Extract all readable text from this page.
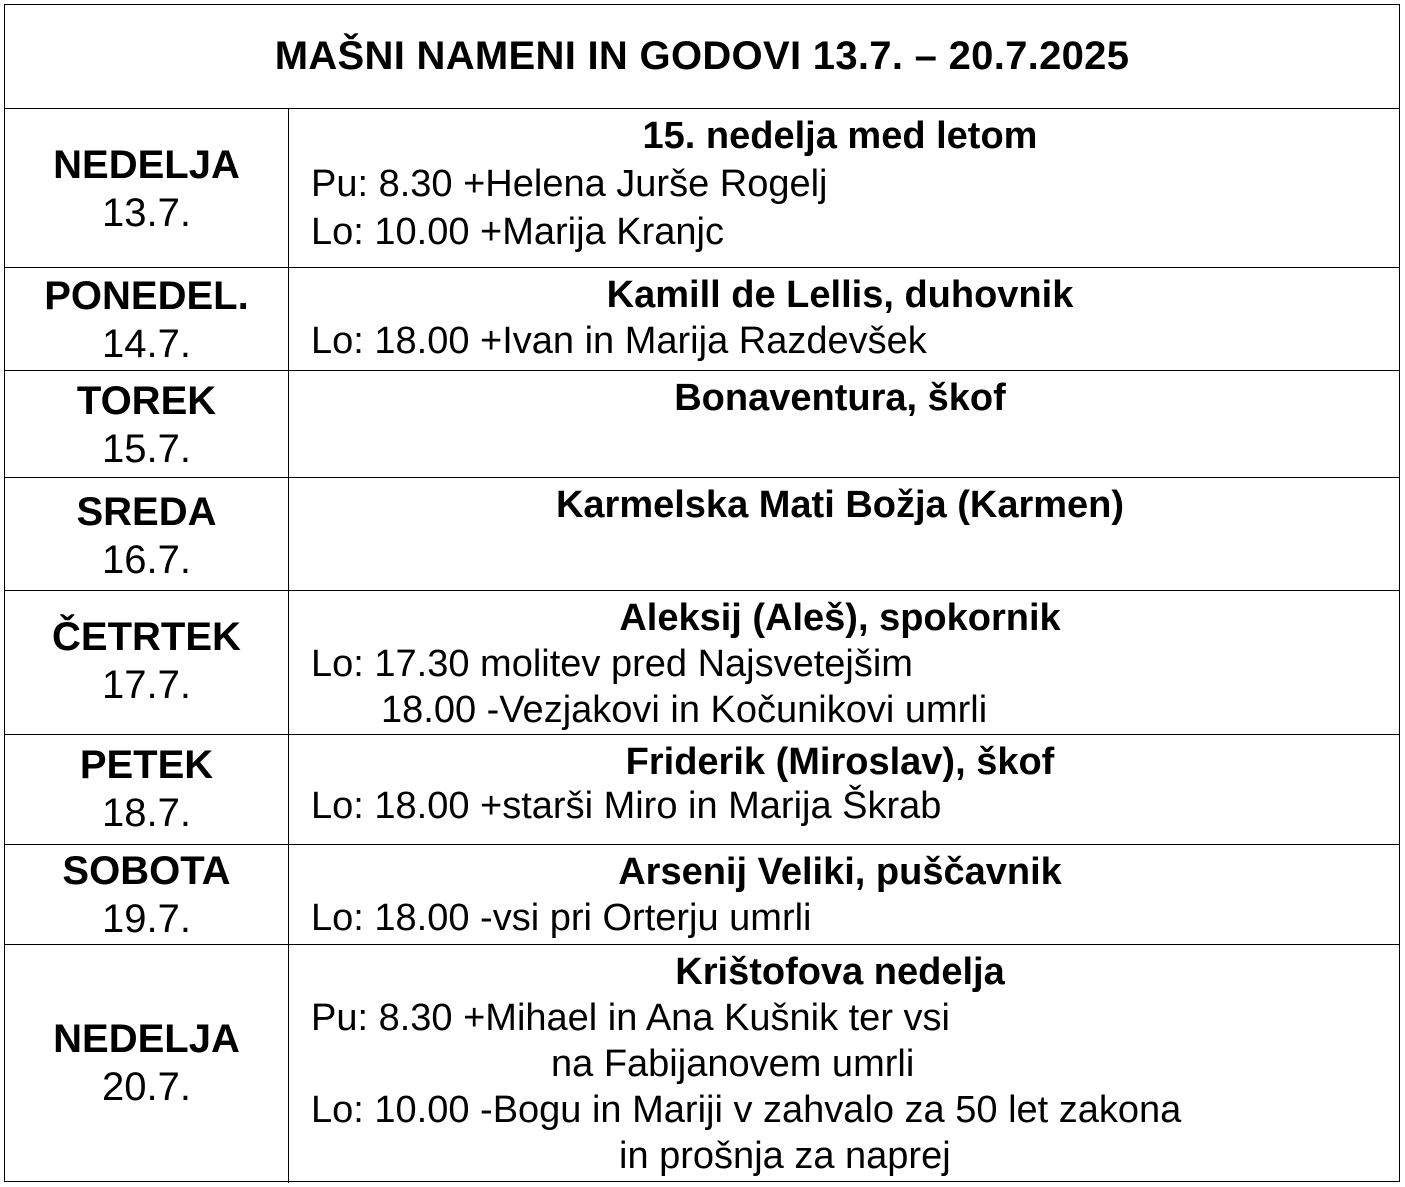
MAŠNI NAMENI IN GODOVI 13.7. – 20.7.2025
NEDELJA
13.7.
15. nedelja med letom
Pu: 8.30 +Helena Jurše Rogelj
Lo: 10.00 +Marija Kranjc
PONEDEL.
14.7.
Kamill de Lellis, duhovnik
Lo: 18.00 +Ivan in Marija Razdevšek
TOREK
15.7.
Bonaventura, škof
SREDA
16.7.
Karmelska Mati Božja (Karmen)
ČETRTEK
17.7.
Aleksij (Aleš), spokornik
Lo: 17.30 molitev pred Najsvetejšim
18.00 -Vezjakovi in Kočunikovi umrli
PETEK
18.7.
Friderik (Miroslav), škof
Lo: 18.00 +starši Miro in Marija Škrab
SOBOTA
19.7.
Arsenij Veliki, puščavnik
Lo: 18.00 -vsi pri Orterju umrli
NEDELJA
20.7.
Krištofova nedelja
Pu: 8.30 +Mihael in Ana Kušnik ter vsi
na Fabijanovem umrli
Lo: 10.00 -Bogu in Mariji v zahvalo za 50 let zakona
in prošnja za naprej
